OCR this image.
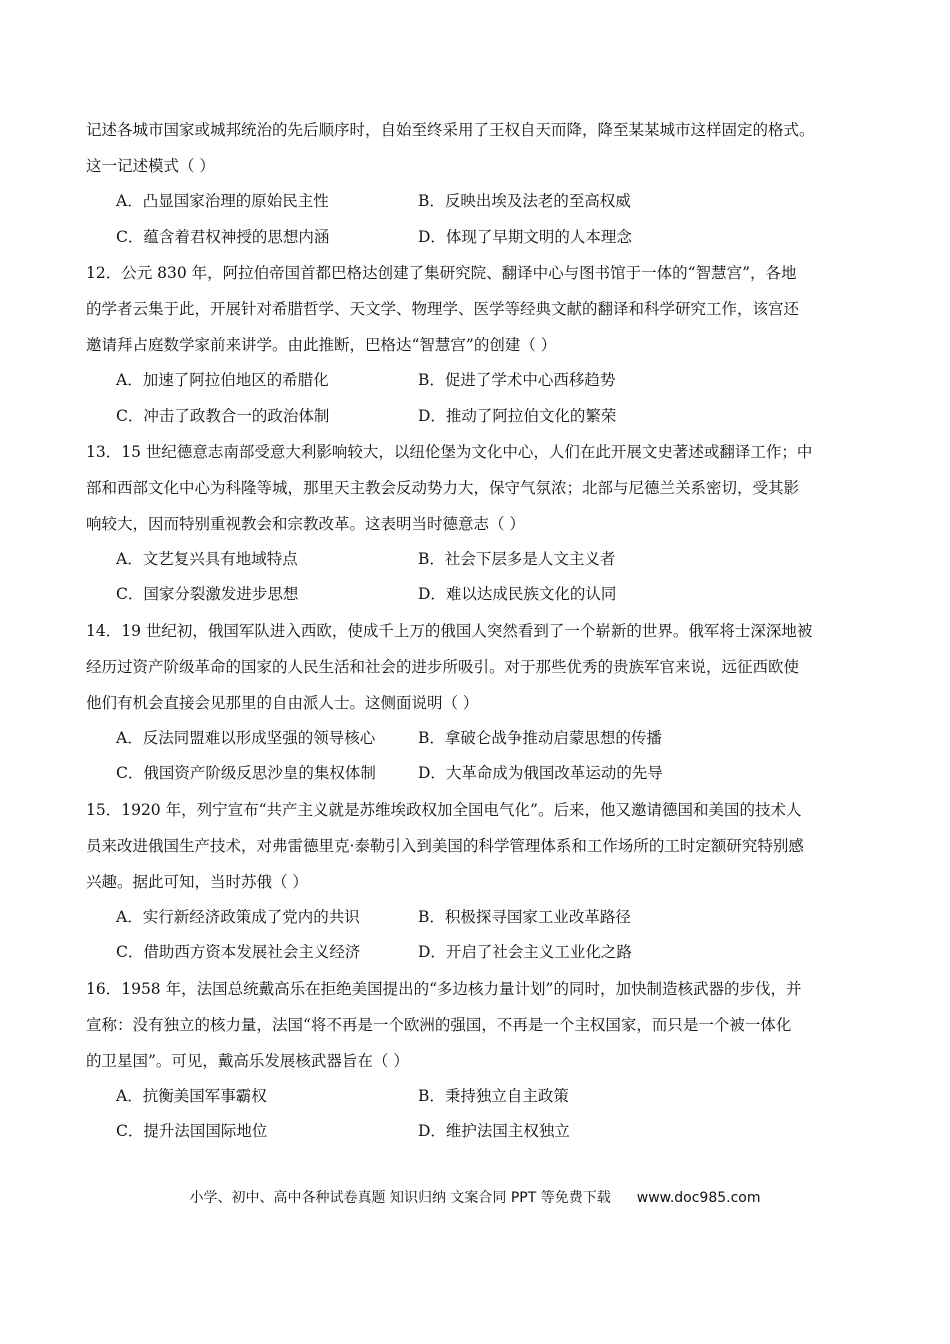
记述各城市国家或城邦统治的先后顺序时，自始至终采用了王权自天而降，降至某某城市这样固定的格式。
这一记述模式（ ）
A．凸显国家治理的原始民主性	B．反映出埃及法老的至高权威
C．蕴含着君权神授的思想内涵	D．体现了早期文明的人本理念
12．公元 830 年，阿拉伯帝国首都巴格达创建了集研究院、翻译中心与图书馆于一体的“智慧宫”，各地
的学者云集于此，开展针对希腊哲学、天文学、物理学、医学等经典文献的翻译和科学研究工作，该宫还
邀请拜占庭数学家前来讲学。由此推断，巴格达“智慧宫”的创建（ ）
A．加速了阿拉伯地区的希腊化	B．促进了学术中心西移趋势
C．冲击了政教合一的政治体制	D．推动了阿拉伯文化的繁荣
13．15 世纪德意志南部受意大利影响较大，以纽伦堡为文化中心，人们在此开展文史著述或翻译工作；中
部和西部文化中心为科隆等城，那里天主教会反动势力大，保守气氛浓；北部与尼德兰关系密切，受其影
响较大，因而特别重视教会和宗教改革。这表明当时德意志（ ）
A．文艺复兴具有地域特点	B．社会下层多是人文主义者
C．国家分裂激发进步思想	D．难以达成民族文化的认同
14．19 世纪初，俄国军队进入西欧，使成千上万的俄国人突然看到了一个崭新的世界。俄军将士深深地被
经历过资产阶级革命的国家的人民生活和社会的进步所吸引。对于那些优秀的贵族军官来说，远征西欧使
他们有机会直接会见那里的自由派人士。这侧面说明（ ）
A．反法同盟难以形成坚强的领导核心	B．拿破仑战争推动启蒙思想的传播
C．俄国资产阶级反思沙皇的集权体制	D．大革命成为俄国改革运动的先导
15．1920 年，列宁宣布“共产主义就是苏维埃政权加全国电气化”。后来，他又邀请德国和美国的技术人
员来改进俄国生产技术，对弗雷德里克·泰勒引入到美国的科学管理体系和工作场所的工时定额研究特别感
兴趣。据此可知，当时苏俄（ ）
A．实行新经济政策成了党内的共识	B．积极探寻国家工业改革路径
C．借助西方资本发展社会主义经济	D．开启了社会主义工业化之路
16．1958 年，法国总统戴高乐在拒绝美国提出的“多边核力量计划”的同时，加快制造核武器的步伐，并
宣称：没有独立的核力量，法国“将不再是一个欧洲的强国，不再是一个主权国家，而只是一个被一体化
的卫星国”。可见，戴高乐发展核武器旨在（ ）
A．抗衡美国军事霸权	B．秉持独立自主政策
C．提升法国国际地位	D．维护法国主权独立
小学、初中、高中各种试卷真题 知识归纳 文案合同 PPT 等免费下载 www.doc985.com
